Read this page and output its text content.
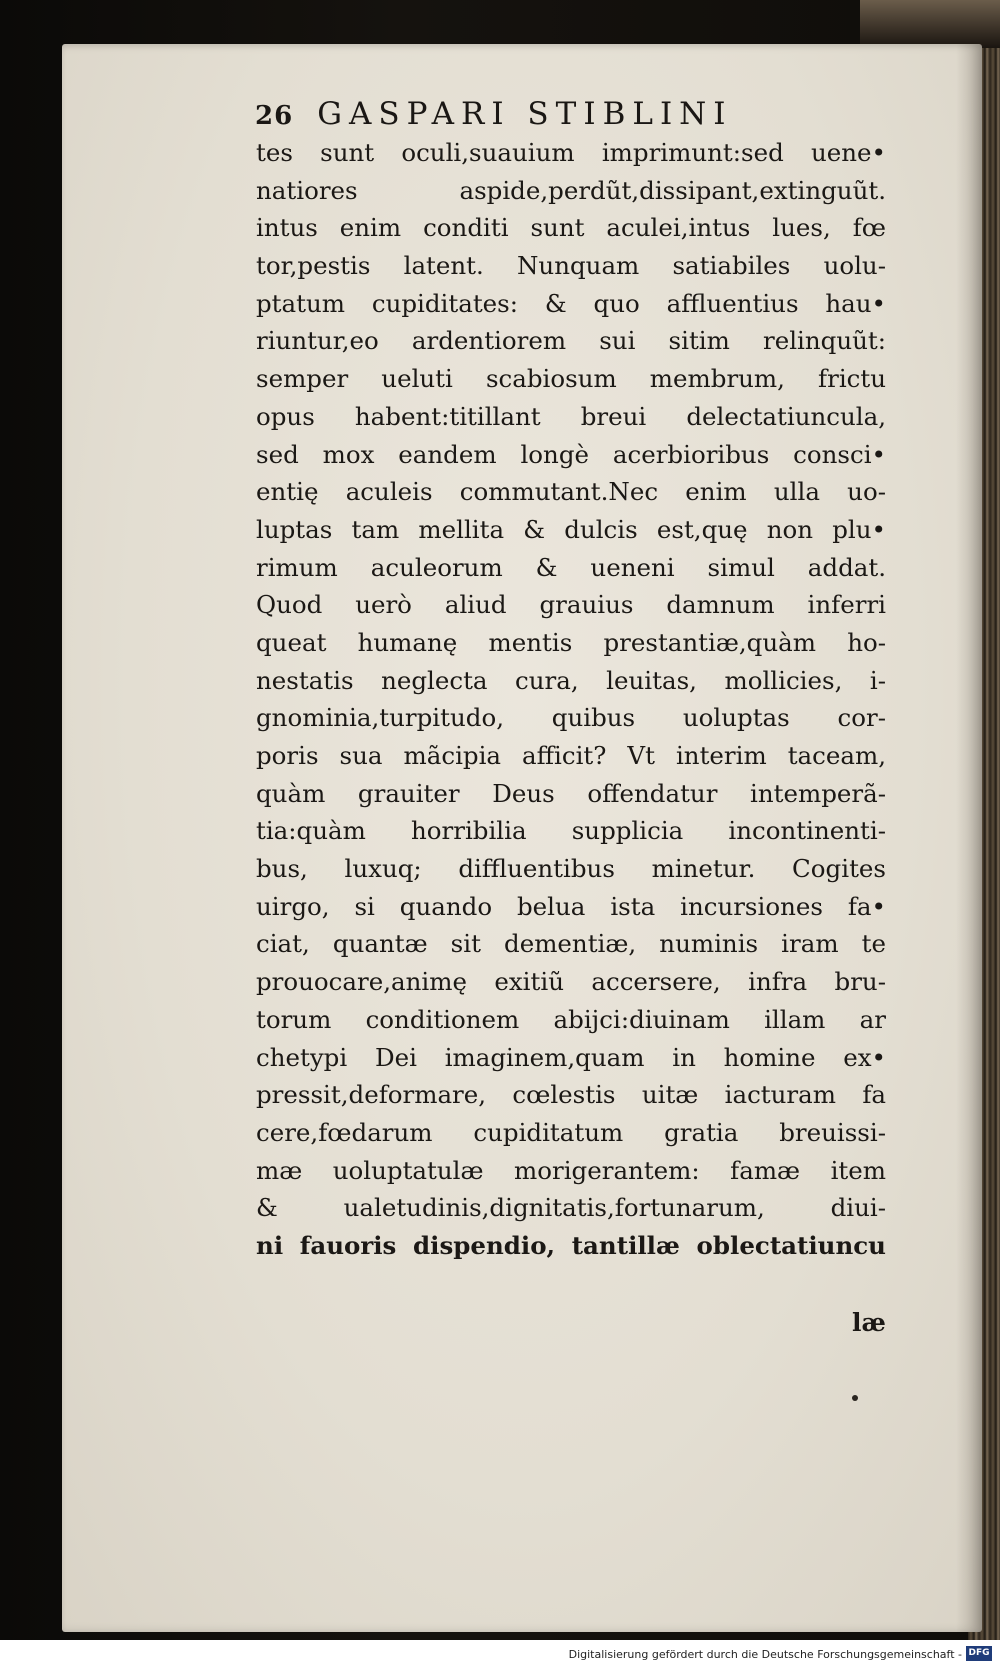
26 GASPARI STIBLINI
tes sunt oculi,suauium imprimunt:sed uene•
natiores aspide,perdũt,dissipant,extinguũt.
intus enim conditi sunt aculei,intus lues, fœ
tor,pestis latent. Nunquam satiabiles uolu-
ptatum cupiditates: & quo affluentius hau•
riuntur,eo ardentiorem sui sitim relinquũt:
semper ueluti scabiosum membrum, frictu
opus habent:titillant breui delectatiuncula,
sed mox eandem longè acerbioribus consci•
entię aculeis commutant.Nec enim ulla uo-
luptas tam mellita & dulcis est,quę non plu•
rimum aculeorum & ueneni simul addat.
Quod uerò aliud grauius damnum inferri
queat humanę mentis prestantiæ,quàm ho-
nestatis neglecta cura, leuitas, mollicies, i-
gnominia,turpitudo, quibus uoluptas cor-
poris sua mãcipia afficit? Vt interim taceam,
quàm grauiter Deus offendatur intemperã-
tia:quàm horribilia supplicia incontinenti-
bus, luxuq; diffluentibus minetur. Cogites
uirgo, si quando belua ista incursiones fa•
ciat, quantæ sit dementiæ, numinis iram te
prouocare,animę exitiũ accersere, infra bru-
torum conditionem abijci:diuinam illam ar
chetypi Dei imaginem,quam in homine ex•
pressit,deformare, cœlestis uitæ iacturam fa
cere,fœdarum cupiditatum gratia breuissi-
mæ uoluptatulæ morigerantem: famæ item
& ualetudinis,dignitatis,fortunarum, diui-
ni fauoris dispendio, tantillæ oblectatiuncu
læ
Digitalisierung gefördert durch die Deutsche Forschungsgemeinschaft - DFG
